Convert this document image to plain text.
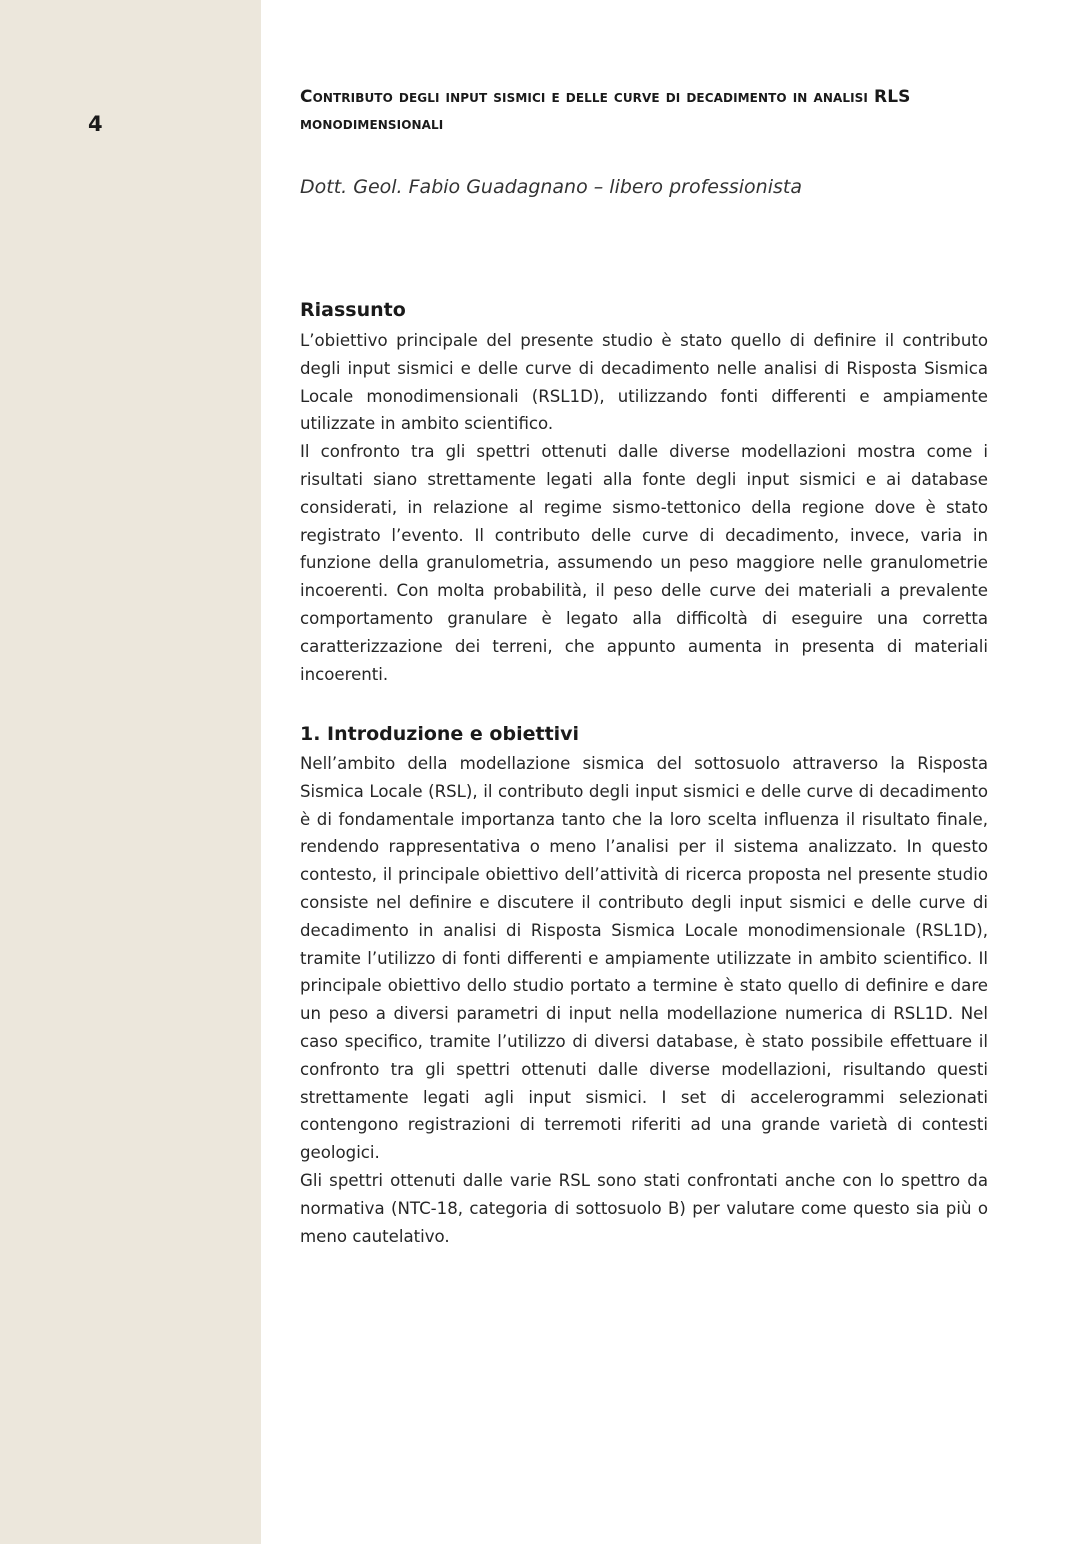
4
Contributo degli input sismici e delle curve di decadimento in analisi RLS monodimensionali

Dott. Geol. Fabio Guadagnano – libero professionista

Riassunto

L’obiettivo principale del presente studio è stato quello di definire il contributo degli input sismici e delle curve di decadimento nelle analisi di Risposta Sismica Locale monodimensionali (RSL1D), utilizzando fonti differenti e ampiamente utilizzate in ambito scientifico.

Il confronto tra gli spettri ottenuti dalle diverse modellazioni mostra come i risultati siano strettamente legati alla fonte degli input sismici e ai database considerati, in relazione al regime sismo-tettonico della regione dove è stato registrato l’evento. Il contributo delle curve di decadimento, invece, varia in funzione della granulometria, assumendo un peso maggiore nelle granulometrie incoerenti. Con molta probabilità, il peso delle curve dei materiali a prevalente comportamento granulare è legato alla difficoltà di eseguire una corretta caratterizzazione dei terreni, che appunto aumenta in presenta di materiali incoerenti.

1. Introduzione e obiettivi

Nell’ambito della modellazione sismica del sottosuolo attraverso la Risposta Sismica Locale (RSL), il contributo degli input sismici e delle curve di decadimento è di fondamentale importanza tanto che la loro scelta influenza il risultato finale, rendendo rappresentativa o meno l’analisi per il sistema analizzato. In questo contesto, il principale obiettivo dell’attività di ricerca proposta nel presente studio consiste nel definire e discutere il contributo degli input sismici e delle curve di decadimento in analisi di Risposta Sismica Locale monodimensionale (RSL1D), tramite l’utilizzo di fonti differenti e ampiamente utilizzate in ambito scientifico. Il principale obiettivo dello studio portato a termine è stato quello di definire e dare un peso a diversi parametri di input nella modellazione numerica di RSL1D. Nel caso specifico, tramite l’utilizzo di diversi database, è stato possibile effettuare il confronto tra gli spettri ottenuti dalle diverse modellazioni, risultando questi strettamente legati agli input sismici. I set di accelerogrammi selezionati contengono registrazioni di terremoti riferiti ad una grande varietà di contesti geologici.

Gli spettri ottenuti dalle varie RSL sono stati confrontati anche con lo spettro da normativa (NTC-18, categoria di sottosuolo B) per valutare come questo sia più o meno cautelativo.
